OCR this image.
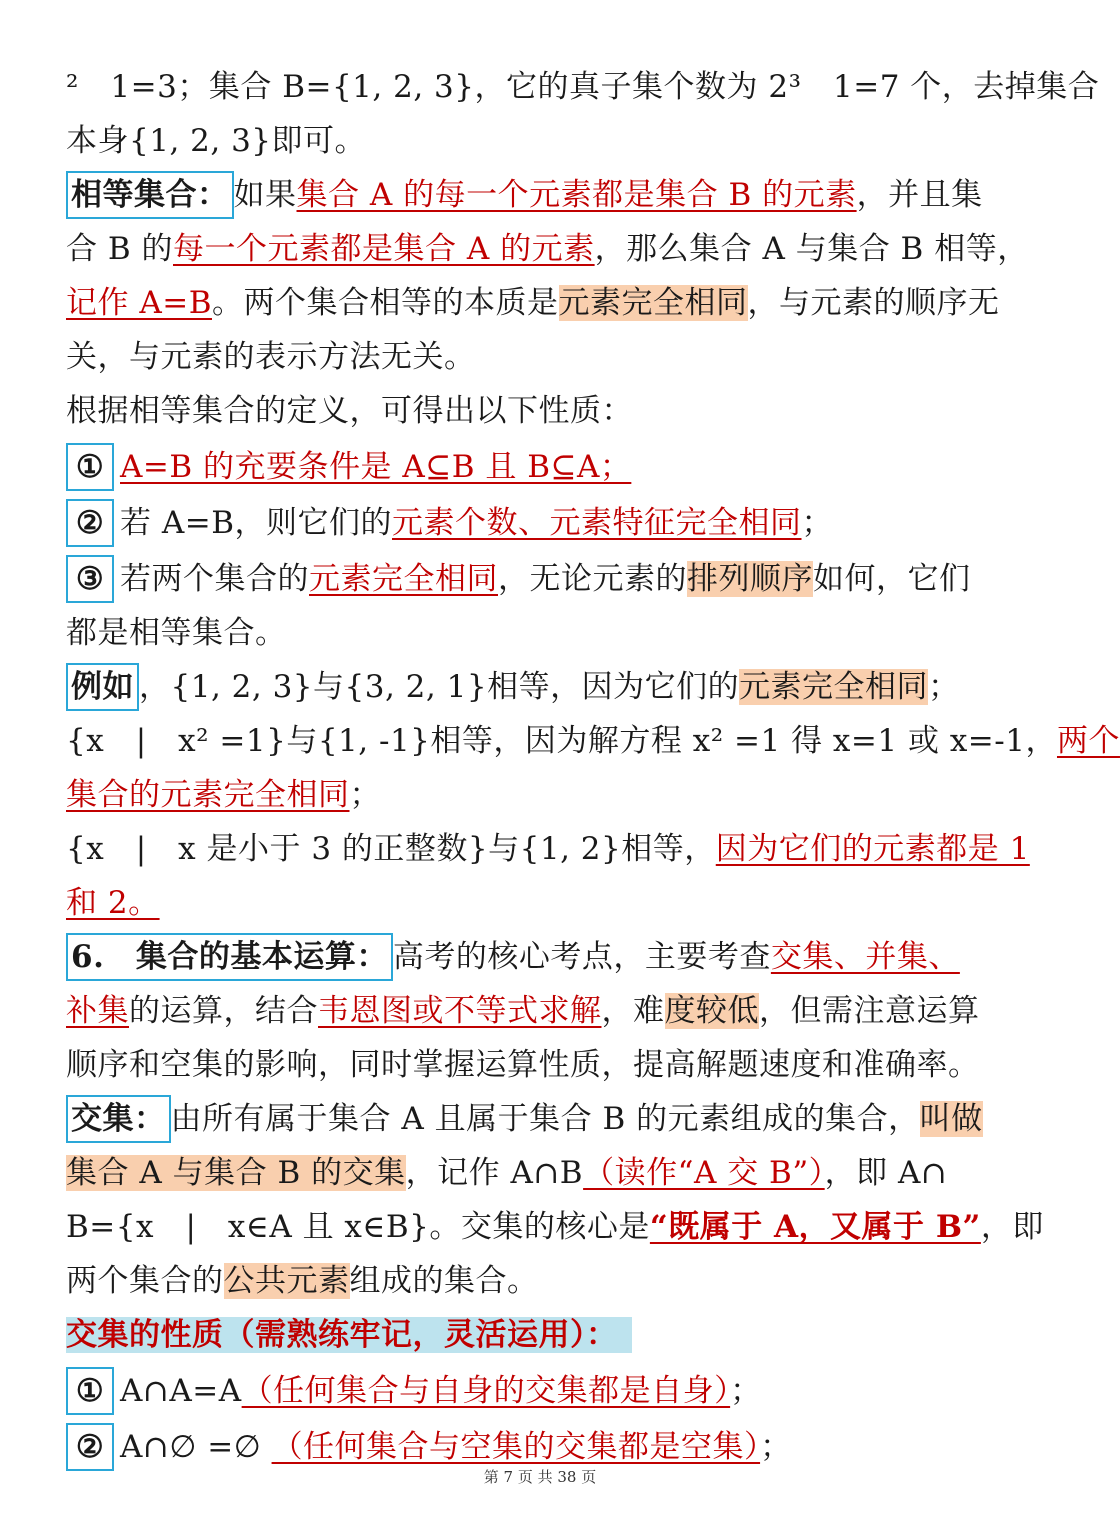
²　1=3；集合 B={1, 2, 3}，它的真子集个数为 2³　1=7 个，去掉集合
本身{1, 2, 3}即可。
相等集合： 如果集合 A 的每一个元素都是集合 B 的元素，并且集
合 B 的每一个元素都是集合 A 的元素，那么集合 A 与集合 B 相等，
记作 A=B。两个集合相等的本质是元素完全相同，与元素的顺序无
关，与元素的表示方法无关。
根据相等集合的定义，可得出以下性质：
① A=B 的充要条件是 A⊆B 且 B⊆A；
② 若 A=B，则它们的元素个数、元素特征完全相同；
③ 若两个集合的元素完全相同，无论元素的排列顺序如何，它们
都是相等集合。
例如 ，{1, 2, 3}与{3, 2, 1}相等，因为它们的元素完全相同；
{x　|　x² =1}与{1, -1}相等，因为解方程 x² =1 得 x=1 或 x=-1，两个
集合的元素完全相同；
{x　|　x 是小于 3 的正整数}与{1, 2}相等，因为它们的元素都是 1
和 2。
6.　集合的基本运算： 高考的核心考点，主要考查交集、并集、
补集的运算，结合韦恩图或不等式求解，难度较低，但需注意运算
顺序和空集的影响，同时掌握运算性质，提高解题速度和准确率。
交集： 由所有属于集合 A 且属于集合 B 的元素组成的集合，叫做
集合 A 与集合 B 的交集，记作 A∩B（读作“A 交 B”），即 A∩
B={x　|　x∈A 且 x∈B}。交集的核心是“既属于 A，又属于 B”，即
两个集合的公共元素组成的集合。
交集的性质（需熟练牢记，灵活运用）：
① A∩A=A（任何集合与自身的交集都是自身）；
② A∩∅ =∅ （任何集合与空集的交集都是空集）；
第 7 页 共 38 页
